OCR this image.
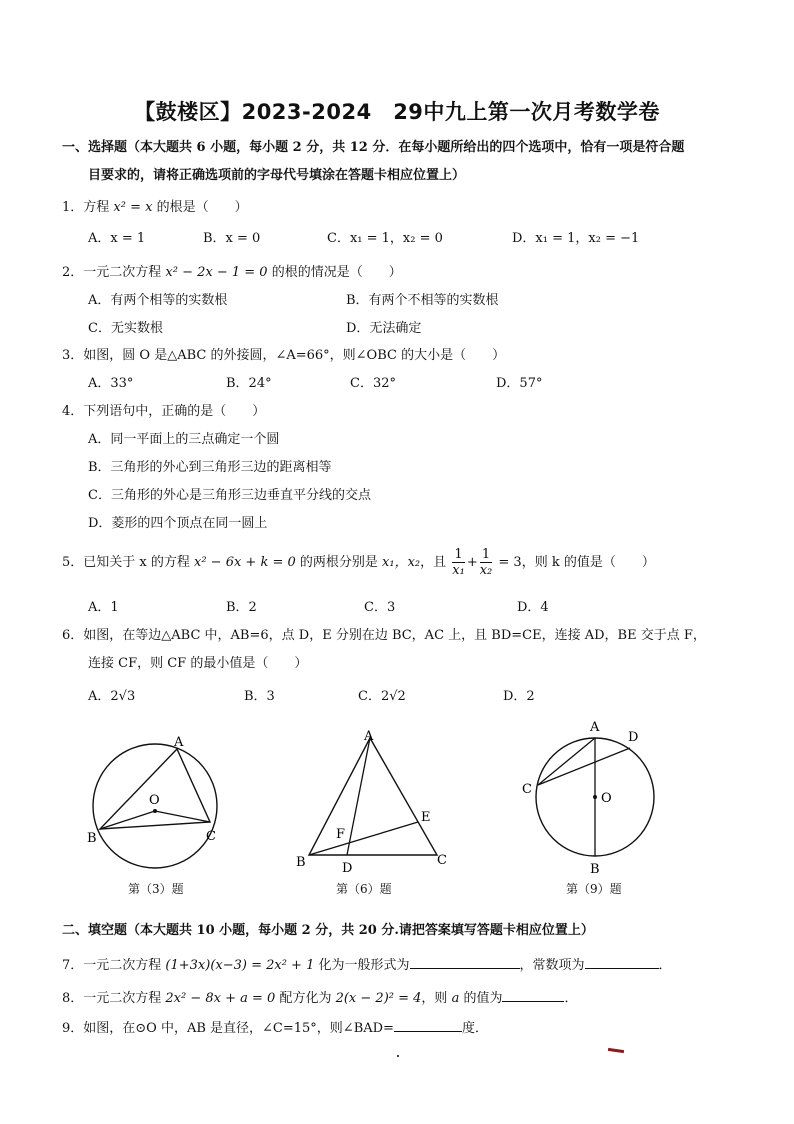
【鼓楼区】2023-2024　29中九上第一次月考数学卷
一、选择题（本大题共 6 小题，每小题 2 分，共 12 分．在每小题所给出的四个选项中，恰有一项是符合题
目要求的，请将正确选项前的字母代号填涂在答题卡相应位置上）
1．方程 x² = x 的根是（　　）
A．x = 1	B．x = 0	C．x₁ = 1，x₂ = 0	D．x₁ = 1，x₂ = −1
2．一元二次方程 x² − 2x − 1 = 0 的根的情况是（　　）
A．有两个相等的实数根	B．有两个不相等的实数根
C．无实数根	D．无法确定
3．如图，圆 O 是△ABC 的外接圆，∠A=66°，则∠OBC 的大小是（　　）
A．33°	B．24°	C．32°	D．57°
4．下列语句中，正确的是（　　）
A．同一平面上的三点确定一个圆
B．三角形的外心到三角形三边的距离相等
C．三角形的外心是三角形三边垂直平分线的交点
D．菱形的四个顶点在同一圆上
5．已知关于 x 的方程 x² − 6x + k = 0 的两根分别是 x₁，x₂，且 $\frac{1}{\text{x₁}} + \frac{1}{\text{x₂}} = 3$，则 k 的值是（　　）
A．1	B．2	C．3	D．4
6．如图，在等边△ABC 中，AB=6，点 D，E 分别在边 BC，AC 上，且 BD=CE，连接 AD，BE 交于点 F，
连接 CF，则 CF 的最小值是（　　）
A．2√3	B．3	C．2√2	D．2
A
B	C
O
第（3）题
A
B	C
D
E
F
第（6）题
A
B
C
D
O
第（9）题
二、填空题（本大题共 10 小题，每小题 2 分，共 20 分.请把答案填写答题卡相应位置上）
7．一元二次方程 (1+3x)(x−3) = 2x² + 1 化为一般形式为	，常数项为	．
8．一元二次方程 2x² − 8x + a = 0 配方化为 2(x − 2)² = 4，则 a 的值为	．
9．如图，在⊙O 中，AB 是直径，∠C=15°，则∠BAD=	度．
